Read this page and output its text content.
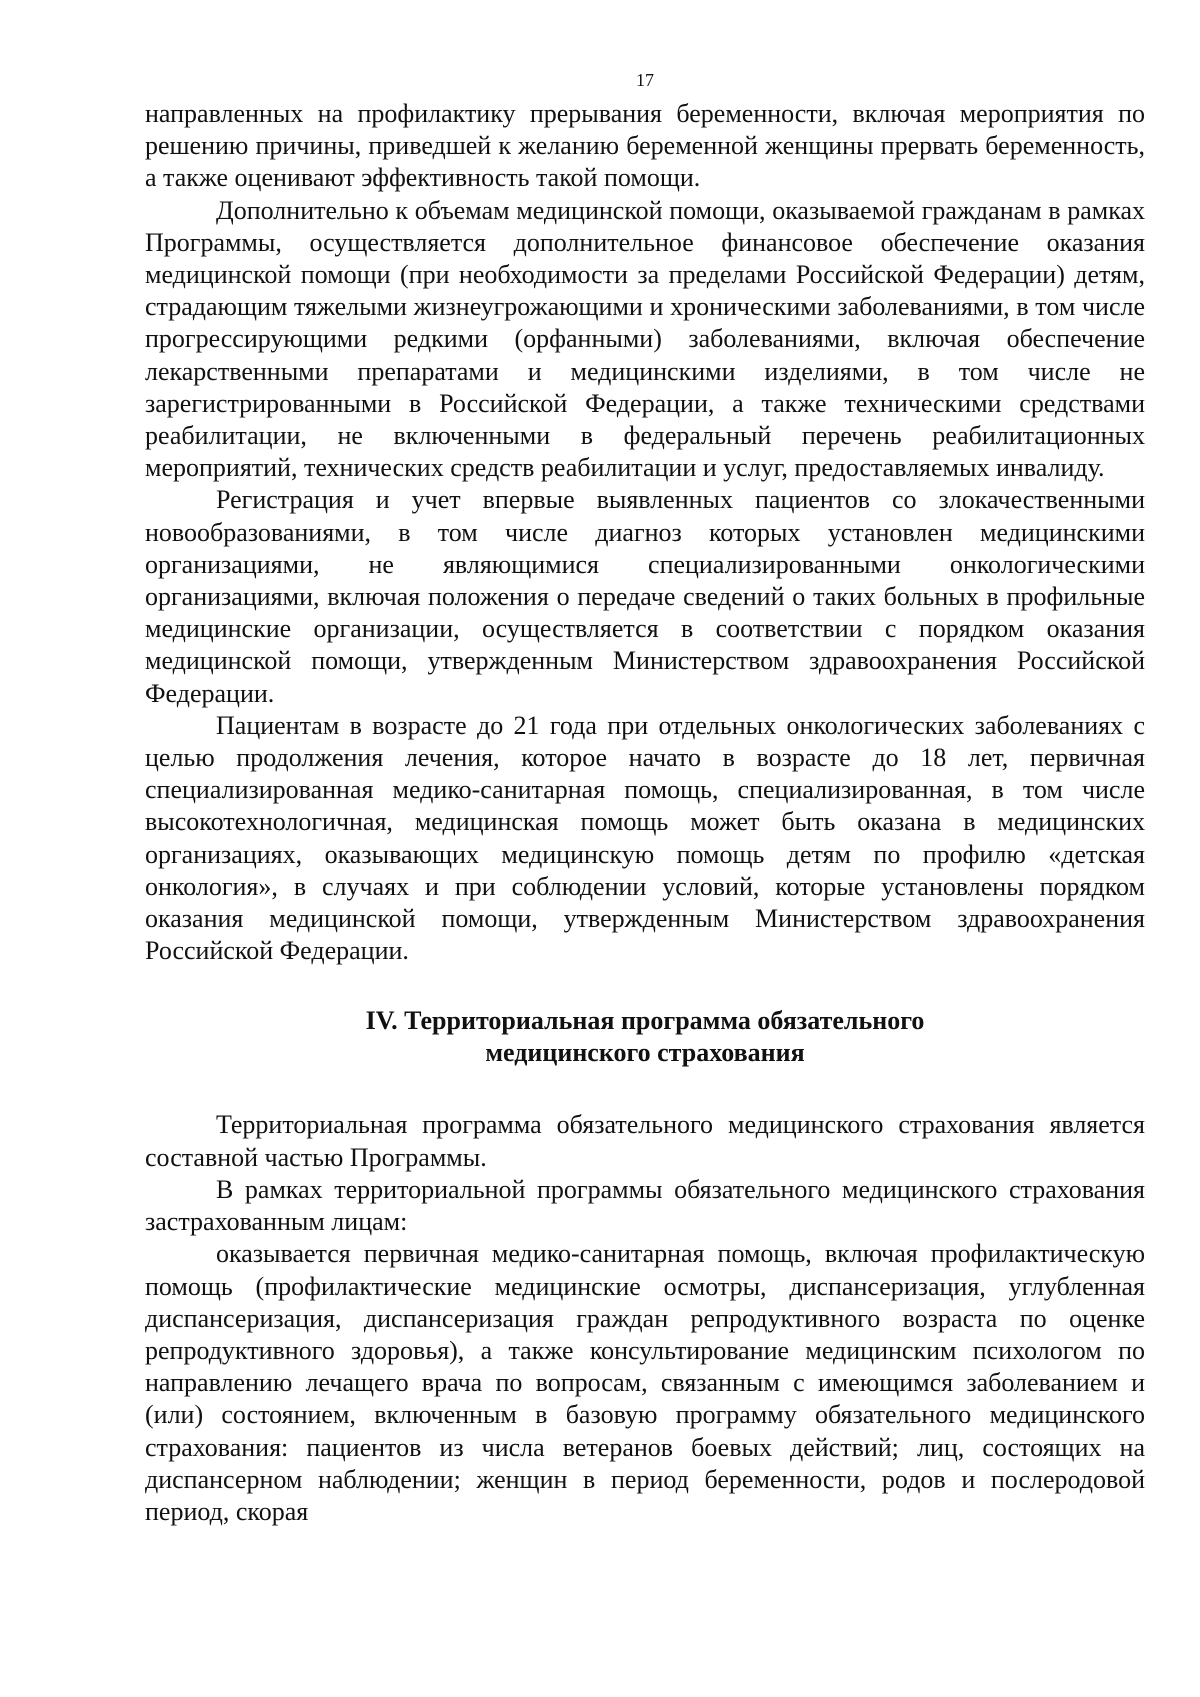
17

направленных на профилактику прерывания беременности, включая мероприятия по решению причины, приведшей к желанию беременной женщины прервать беременность, а также оценивают эффективность такой помощи.

Дополнительно к объемам медицинской помощи, оказываемой гражданам в рамках Программы, осуществляется дополнительное финансовое обеспечение оказания медицинской помощи (при необходимости за пределами Российской Федерации) детям, страдающим тяжелыми жизнеугрожающими и хроническими заболеваниями, в том числе прогрессирующими редкими (орфанными) заболеваниями, включая обеспечение лекарственными препаратами и медицинскими изделиями, в том числе не зарегистрированными в Российской Федерации, а также техническими средствами реабилитации, не включенными в федеральный перечень реабилитационных мероприятий, технических средств реабилитации и услуг, предоставляемых инвалиду.

Регистрация и учет впервые выявленных пациентов со злокачественными новообразованиями, в том числе диагноз которых установлен медицинскими организациями, не являющимися специализированными онкологическими организациями, включая положения о передаче сведений о таких больных в профильные медицинские организации, осуществляется в соответствии с порядком оказания медицинской помощи, утвержденным Министерством здравоохранения Российской Федерации.

Пациентам в возрасте до 21 года при отдельных онкологических заболеваниях с целью продолжения лечения, которое начато в возрасте до 18 лет, первичная специализированная медико-санитарная помощь, специализированная, в том числе высокотехнологичная, медицинская помощь может быть оказана в медицинских организациях, оказывающих медицинскую помощь детям по профилю «детская онкология», в случаях и при соблюдении условий, которые установлены порядком оказания медицинской помощи, утвержденным Министерством здравоохранения Российской Федерации.

IV. Территориальная программа обязательного
медицинского страхования

Территориальная программа обязательного медицинского страхования является составной частью Программы.

В рамках территориальной программы обязательного медицинского страхования застрахованным лицам:

оказывается первичная медико-санитарная помощь, включая профилактическую помощь (профилактические медицинские осмотры, диспансеризация, углубленная диспансеризация, диспансеризация граждан репродуктивного возраста по оценке репродуктивного здоровья), а также консультирование медицинским психологом по направлению лечащего врача по вопросам, связанным с имеющимся заболеванием и (или) состоянием, включенным в базовую программу обязательного медицинского страхования: пациентов из числа ветеранов боевых действий; лиц, состоящих на диспансерном наблюдении; женщин в период беременности, родов и послеродовой период, скорая
